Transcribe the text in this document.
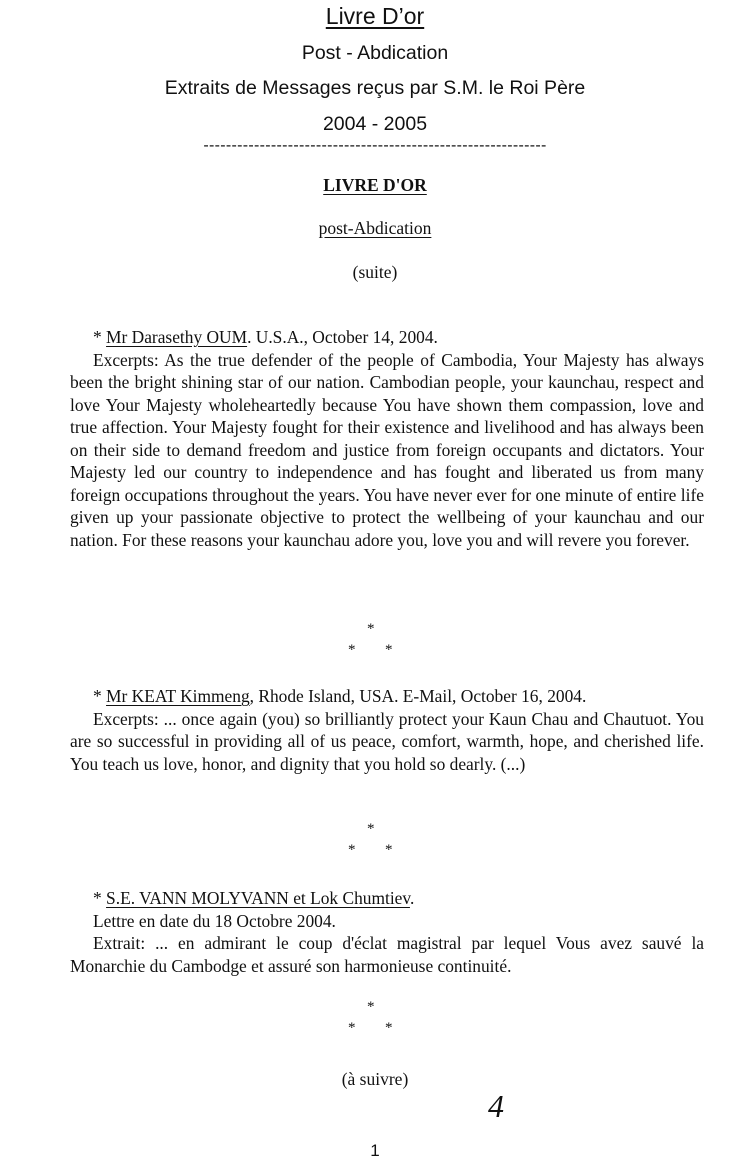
Livre D’or
Post - Abdication
Extraits de Messages reçus par S.M. le Roi Père
2004 - 2005
-------------------------------------------------------------
LIVRE D'OR
post-Abdication
(suite)

* Mr Darasethy OUM. U.S.A., October 14, 2004.

Excerpts: As the true defender of the people of Cambodia, Your Majesty has always been the bright shining star of our nation. Cambodian people, your kaunchau, respect and love Your Majesty wholeheartedly because You have shown them compassion, love and true affection. Your Majesty fought for their existence and livelihood and has always been on their side to demand freedom and justice from foreign occupants and dictators. Your Majesty led our country to independence and has fought and liberated us from many foreign occupations throughout the years. You have never ever for one minute of entire life given up your passionate objective to protect the wellbeing of your kaunchau and our nation. For these reasons your kaunchau adore you, love you and will revere you forever.

*
* *

* Mr KEAT Kimmeng, Rhode Island, USA. E-Mail, October 16, 2004.

Excerpts: ... once again (you) so brilliantly protect your Kaun Chau and Chautuot. You are so successful in providing all of us peace, comfort, warmth, hope, and cherished life. You teach us love, honor, and dignity that you hold so dearly. (...)

*
* *

* S.E. VANN MOLYVANN et Lok Chumtiev.

Lettre en date du 18 Octobre 2004.

Extrait: ... en admirant le coup d'éclat magistral par lequel Vous avez sauvé la Monarchie du Cambodge et assuré son harmonieuse continuité.

*
* *
(à suivre)
4
1
